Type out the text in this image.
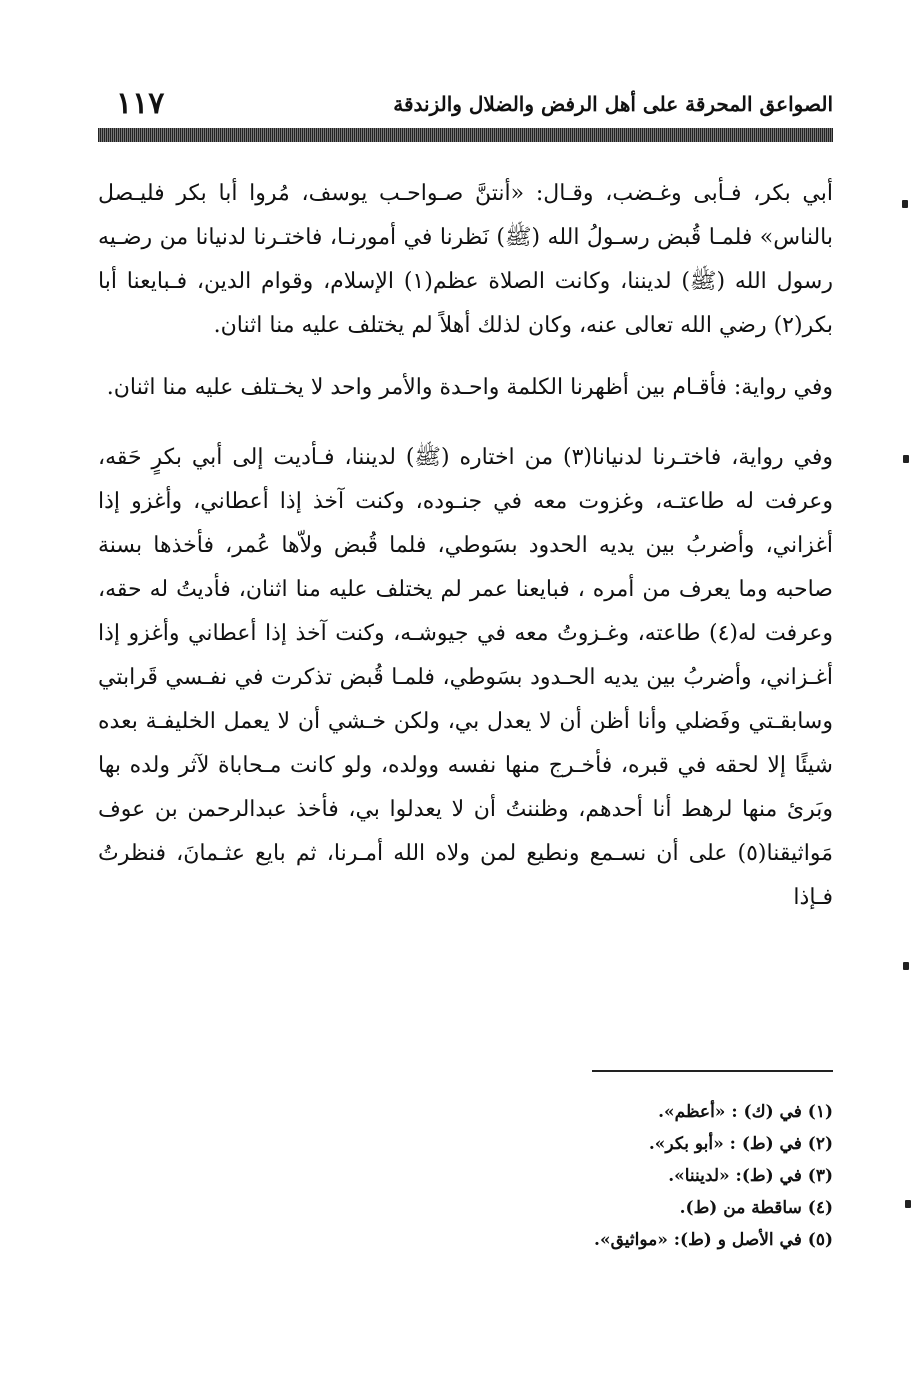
١١٧	الصواعق المحرقة على أهل الرفض والضلال والزندقة

أبي بكر، فـأبى وغـضب، وقـال: «أنتنَّ صـواحـب يوسف، مُروا أبا بكر فليـصل بالناس» فلمـا قُبض رسـولُ الله (ﷺ) نَظرنا في أمورنـا، فاختـرنا لدنيانا من رضـيه رسول الله (ﷺ) لديننا، وكانت الصلاة عظم(١) الإسلام، وقوام الدين، فـبايعنا أبا بكر(٢) رضي الله تعالى عنه، وكان لذلك أهلاً لم يختلف عليه منا اثنان.

وفي رواية: فأقـام بين أظهرنا الكلمة واحـدة والأمر واحد لا يخـتلف عليه منا اثنان.

وفي رواية، فاختـرنا لدنيانا(٣) من اختاره (ﷺ) لديننا، فـأديت إلى أبي بكرٍ حَقه، وعرفت له طاعتـه، وغزوت معه في جنـوده، وكنت آخذ إذا أعطاني، وأغزو إذا أغزاني، وأضربُ بين يديه الحدود بسَوطي، فلما قُبض ولاّها عُمر، فأخذها بسنة صاحبه وما يعرف من أمره ، فبايعنا عمر لم يختلف عليه منا اثنان، فأديتُ له حقه، وعرفت له(٤) طاعته، وغـزوتُ معه في جيوشـه، وكنت آخذ إذا أعطاني وأغزو إذا أغـزاني، وأضربُ بين يديه الحـدود بسَوطي، فلمـا قُبض تذكرت في نفـسي قَرابتي وسابقـتي وفَضلي وأنا أظن أن لا يعدل بي، ولكن خـشي أن لا يعمل الخليفـة بعده شيئًا إلا لحقه في قبره، فأخـرج منها نفسه وولده، ولو كانت مـحاباة لآثر ولده بها وبَرئ منها لرهط أنا أحدهم، وظننتُ أن لا يعدلوا بي، فأخذ عبدالرحمن بن عوف مَواثيقنا(٥) على أن نسـمع ونطيع لمن ولاه الله أمـرنا، ثم بايع عثـمانَ، فنظرتُ فـإذا

(١) في (ك) : «أعظم».
(٢) في (ط) : «أبو بكر».
(٣) في (ط): «لديننا».
(٤) ساقطة من (ط).
(٥) في الأصل و (ط): «مواثيق».
